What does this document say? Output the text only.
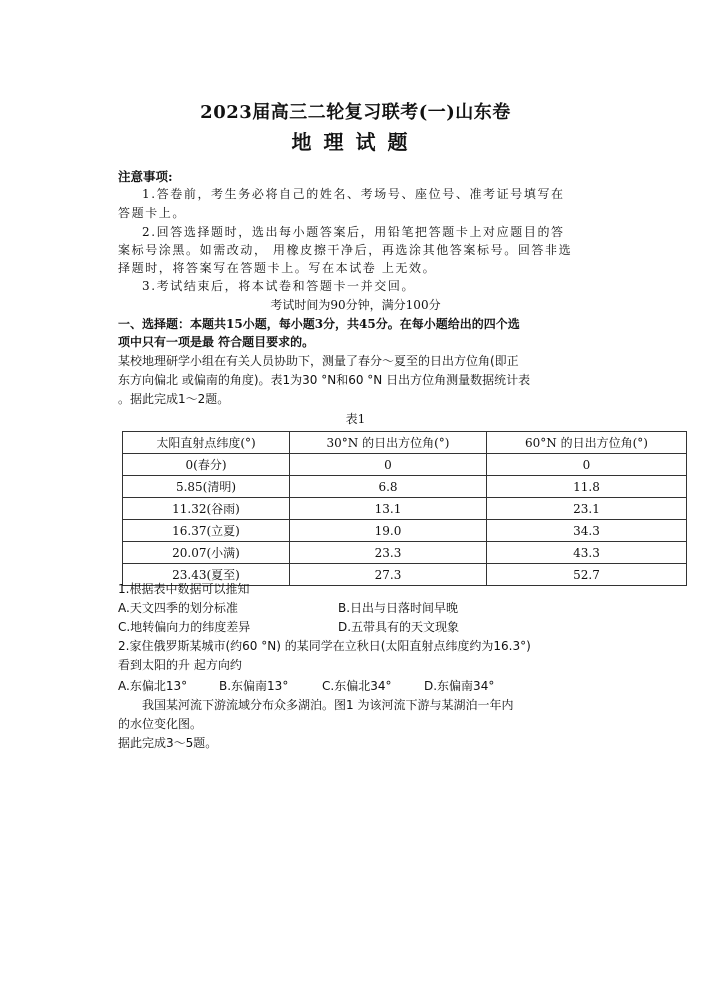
2023届高三二轮复习联考(一)山东卷
地理试题
注意事项:
1.答卷前，考生务必将自己的姓名、考场号、座位号、准考证号填写在
答题卡上。
2.回答选择题时，选出每小题答案后，用铅笔把答题卡上对应题目的答
案标号涂黑。如需改动， 用橡皮擦干净后，再选涂其他答案标号。回答非选
择题时，将答案写在答题卡上。写在本试卷 上无效。
3.考试结束后，将本试卷和答题卡一并交回。
考试时间为90分钟，满分100分
一、选择题：本题共15小题，每小题3分，共45分。在每小题给出的四个选
项中只有一项是最 符合题目要求的。
某校地理研学小组在有关人员协助下，测量了春分～夏至的日出方位角(即正
东方向偏北 或偏南的角度)。表1为30 °N和60 °N 日出方位角测量数据统计表
。据此完成1～2题。
表1
太阳直射点纬度(°)	30°N 的日出方位角(°)	60°N 的日出方位角(°)
0(春分)	0	0
5.85(清明)	6.8	11.8
11.32(谷雨)	13.1	23.1
16.37(立夏)	19.0	34.3
20.07(小满)	23.3	43.3
23.43(夏至)	27.3	52.7
1.根据表中数据可以推知
A.天文四季的划分标准	B.日出与日落时间早晚
C.地转偏向力的纬度差异	D.五带具有的天文现象
2.家住俄罗斯某城市(约60 °N) 的某同学在立秋日(太阳直射点纬度约为16.3°)
看到太阳的升 起方向约
A.东偏北13°	B.东偏南13°	C.东偏北34°	D.东偏南34°
我国某河流下游流域分布众多湖泊。图1 为该河流下游与某湖泊一年内
的水位变化图。
据此完成3～5题。
